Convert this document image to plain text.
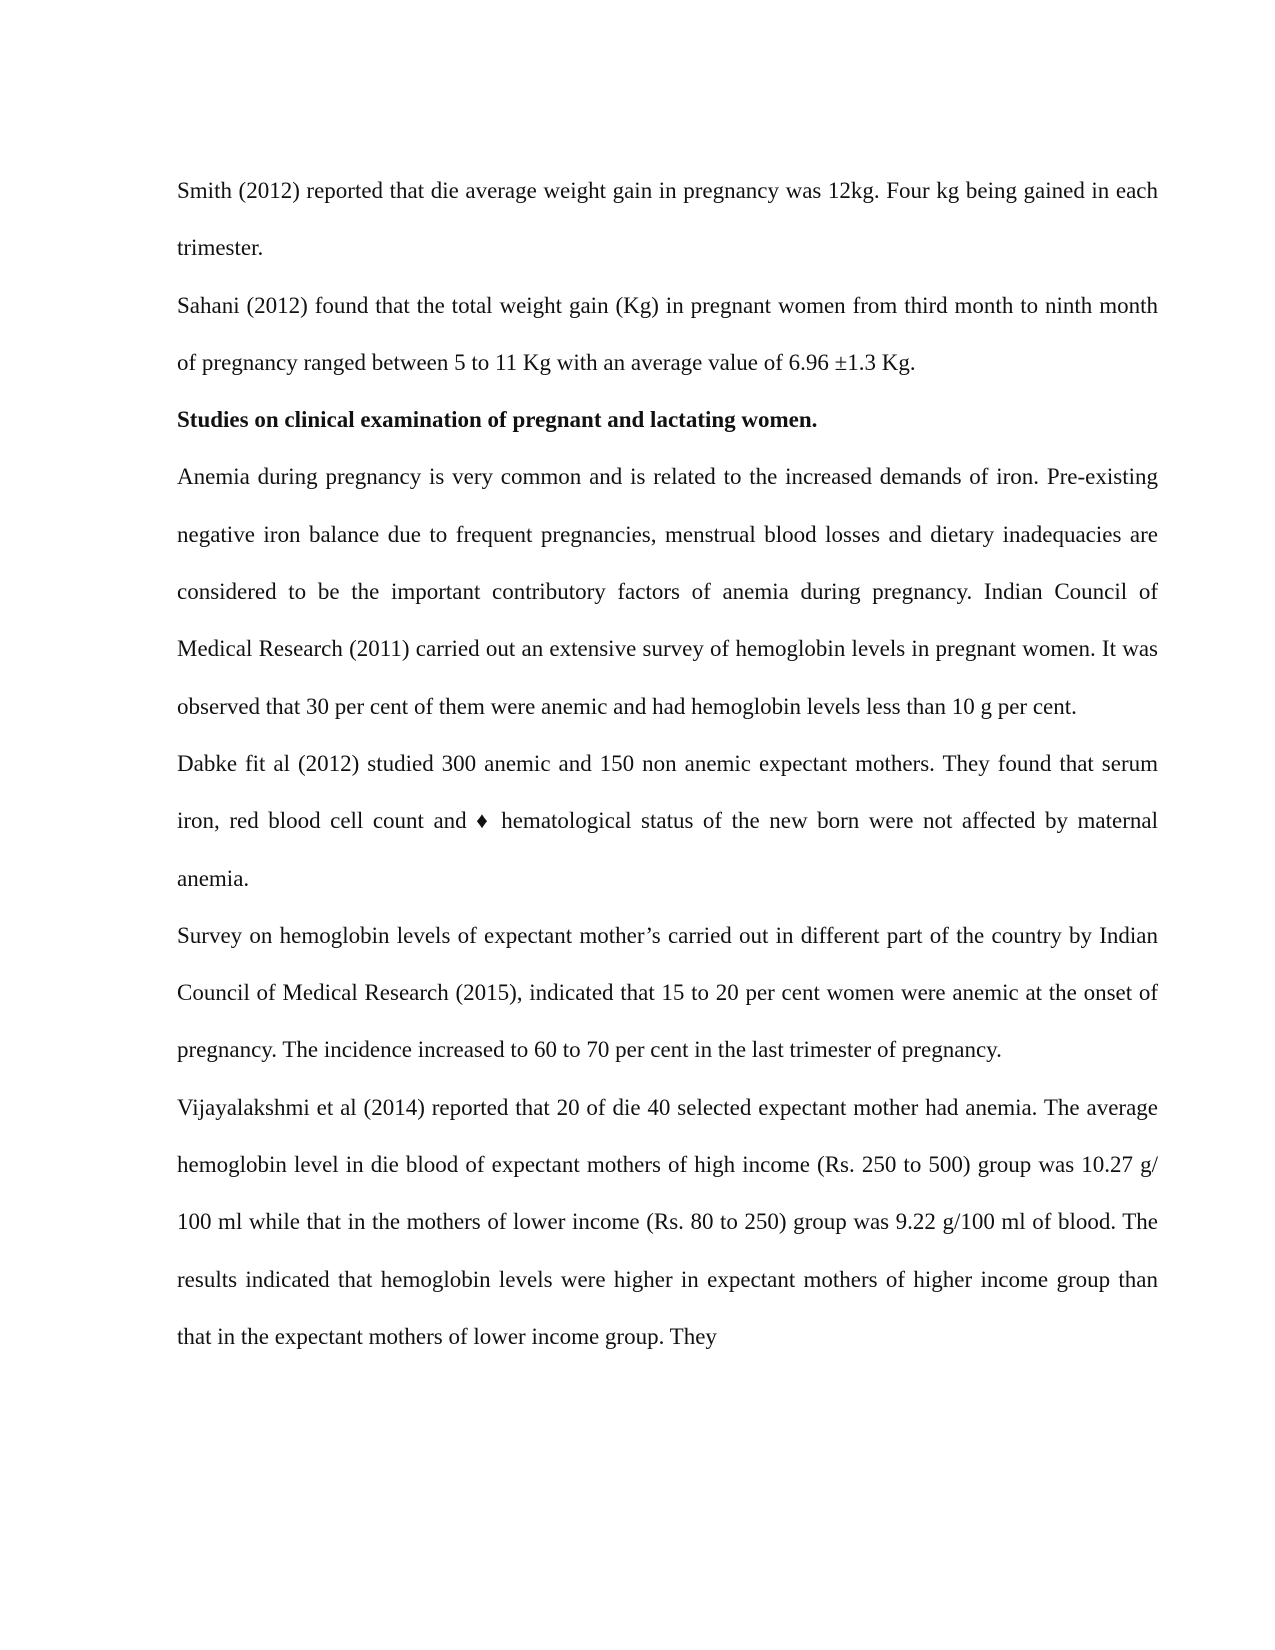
Smith (2012) reported that die average weight gain in pregnancy was 12kg. Four kg being gained in each trimester.

Sahani (2012) found that the total weight gain (Kg) in pregnant women from third month to ninth month of pregnancy ranged between 5 to 11 Kg with an average value of 6.96 ±1.3 Kg.

Studies on clinical examination of pregnant and lactating women.

Anemia during pregnancy is very common and is related to the increased demands of iron. Pre-existing negative iron balance due to frequent pregnancies, menstrual blood losses and dietary inadequacies are considered to be the important contributory factors of anemia during pregnancy. Indian Council of Medical Research (2011) carried out an extensive survey of hemoglobin levels in pregnant women. It was observed that 30 per cent of them were anemic and had hemoglobin levels less than 10 g per cent.

Dabke fit al (2012) studied 300 anemic and 150 non anemic expectant mothers. They found that serum iron, red blood cell count and ♦ hematological status of the new born were not affected by maternal anemia.

Survey on hemoglobin levels of expectant mother’s carried out in different part of the country by Indian Council of Medical Research (2015), indicated that 15 to 20 per cent women were anemic at the onset of pregnancy. The incidence increased to 60 to 70 per cent in the last trimester of pregnancy.

Vijayalakshmi et al (2014) reported that 20 of die 40 selected expectant mother had anemia. The average hemoglobin level in die blood of expectant mothers of high income (Rs. 250 to 500) group was 10.27 g/ 100 ml while that in the mothers of lower income (Rs. 80 to 250) group was 9.22 g/100 ml of blood. The results indicated that hemoglobin levels were higher in expectant mothers of higher income group than that in the expectant mothers of lower income group. They
